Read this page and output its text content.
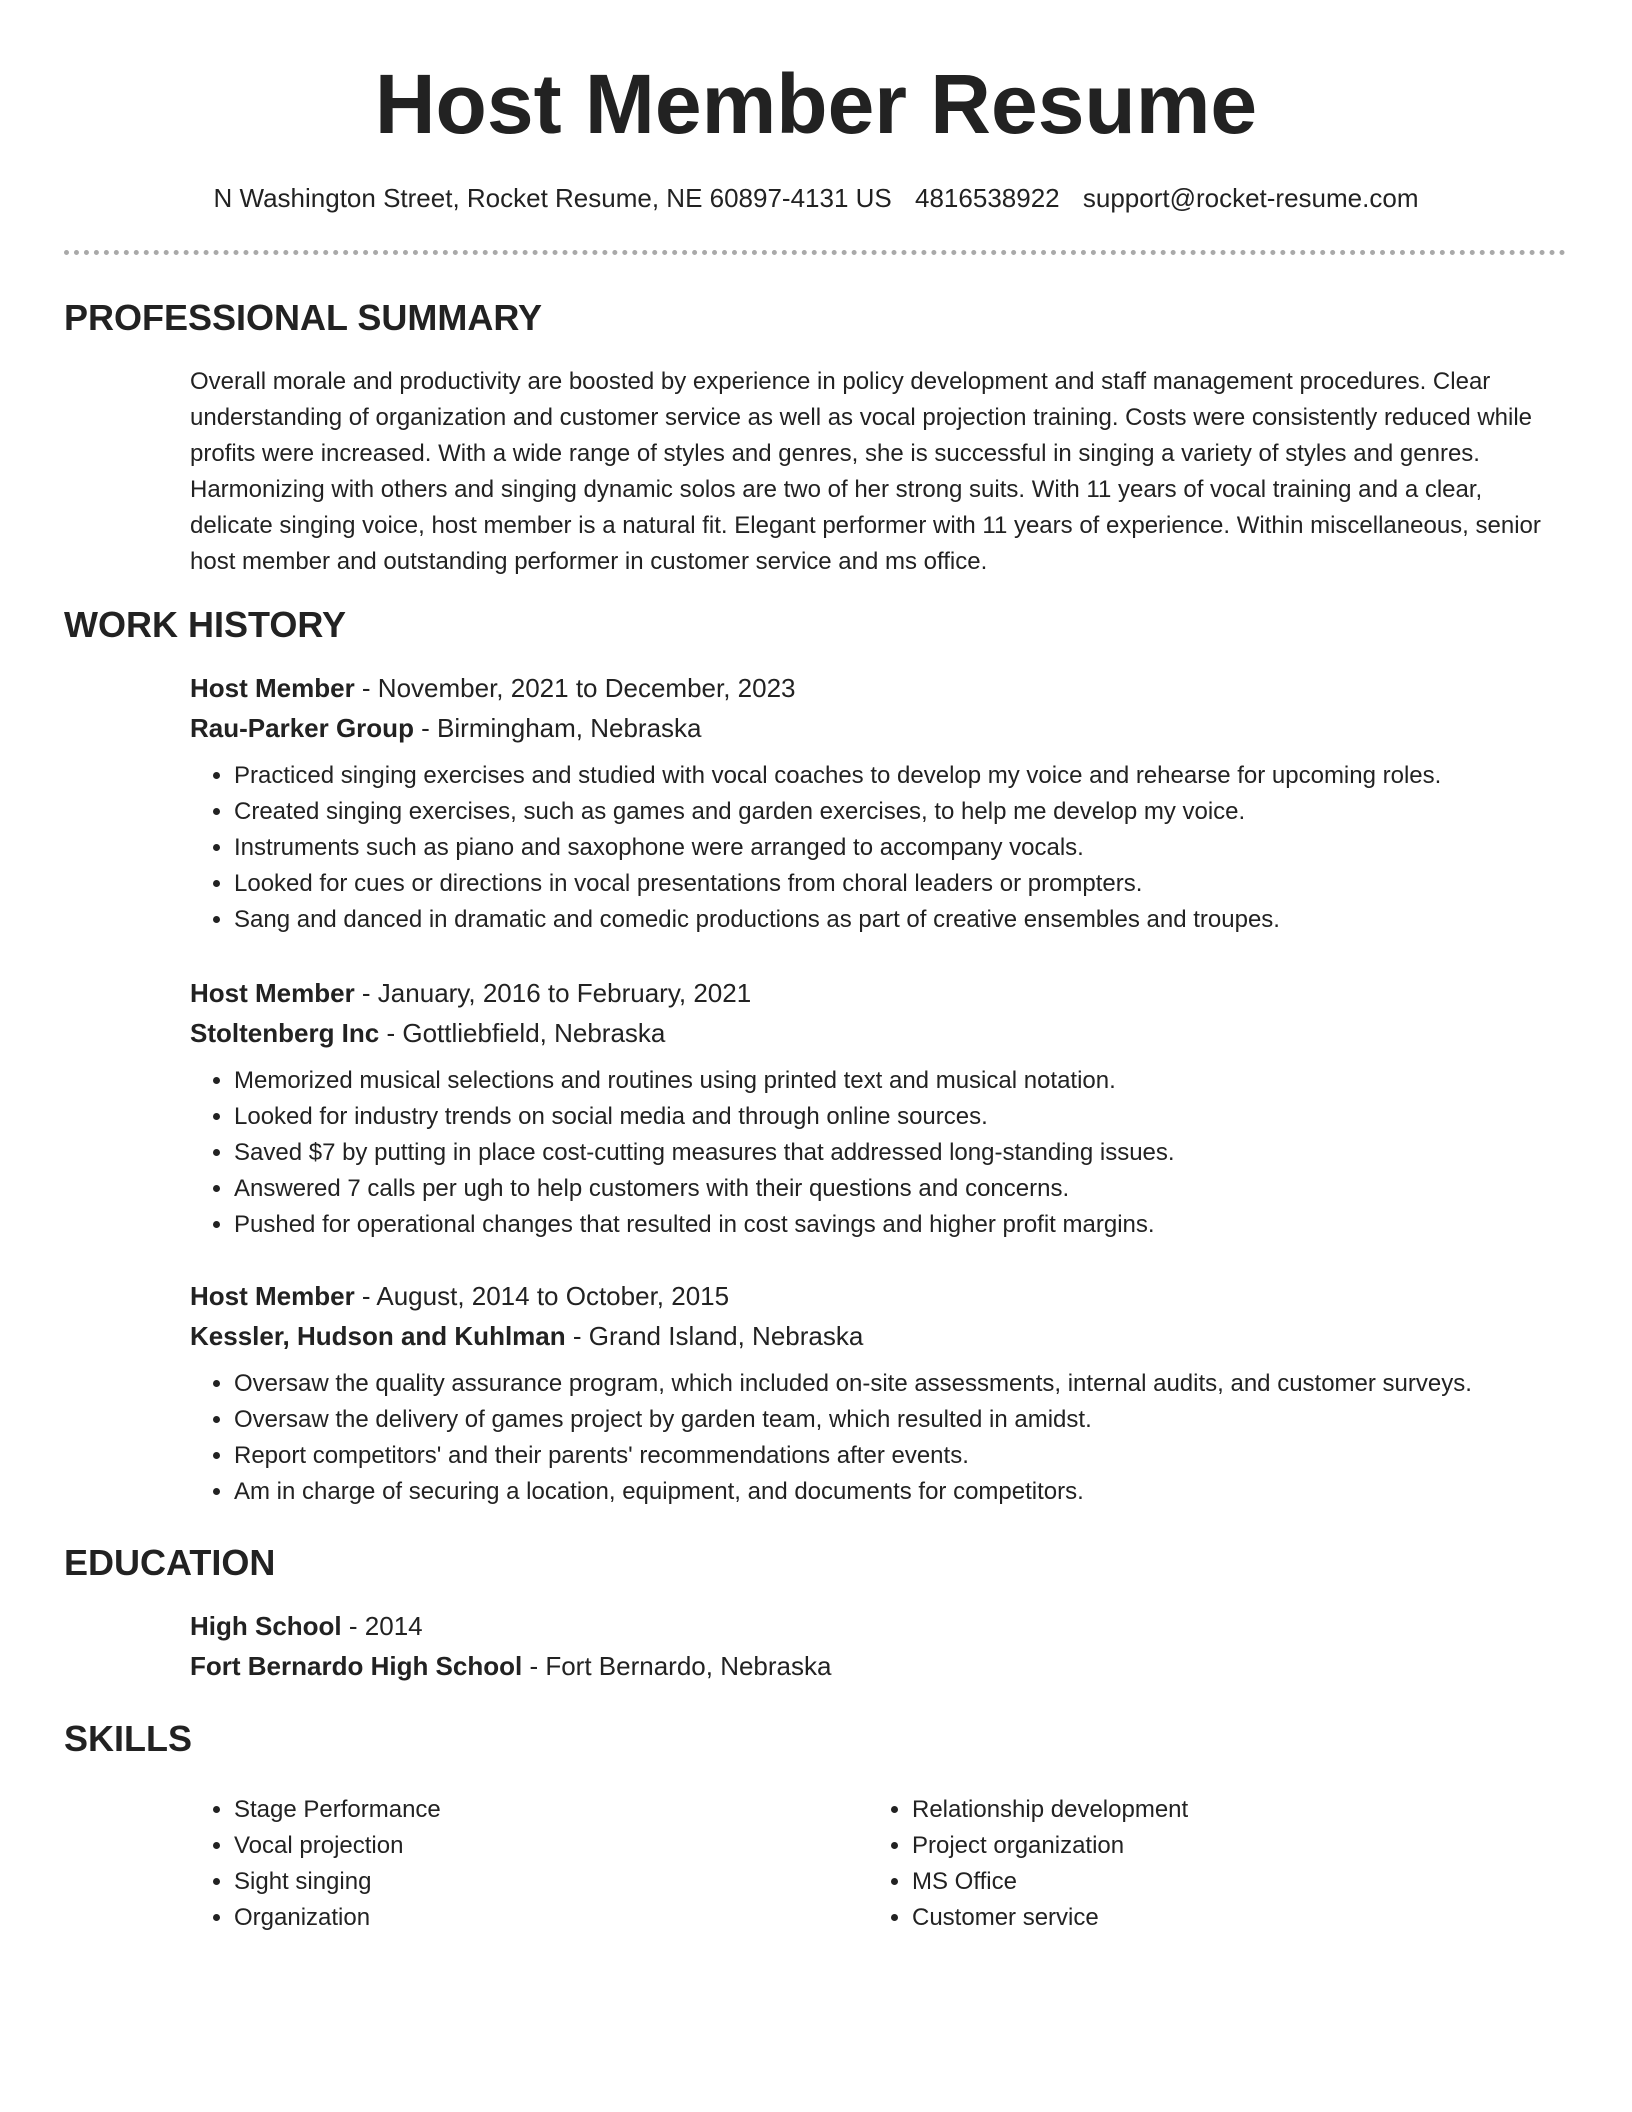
Host Member Resume
N Washington Street, Rocket Resume, NE 60897-4131 US 4816538922 support@rocket-resume.com
PROFESSIONAL SUMMARY

Overall morale and productivity are boosted by experience in policy development and staff management procedures. Clear understanding of organization and customer service as well as vocal projection training. Costs were consistently reduced while profits were increased. With a wide range of styles and genres, she is successful in singing a variety of styles and genres. Harmonizing with others and singing dynamic solos are two of her strong suits. With 11 years of vocal training and a clear, delicate singing voice, host member is a natural fit. Elegant performer with 11 years of experience. Within miscellaneous, senior host member and outstanding performer in customer service and ms office.

WORK HISTORY
Host Member - November, 2021 to December, 2023
Rau-Parker Group - Birmingham, Nebraska
• Practiced singing exercises and studied with vocal coaches to develop my voice and rehearse for upcoming roles.
• Created singing exercises, such as games and garden exercises, to help me develop my voice.
• Instruments such as piano and saxophone were arranged to accompany vocals.
• Looked for cues or directions in vocal presentations from choral leaders or prompters.
• Sang and danced in dramatic and comedic productions as part of creative ensembles and troupes.
Host Member - January, 2016 to February, 2021
Stoltenberg Inc - Gottliebfield, Nebraska
• Memorized musical selections and routines using printed text and musical notation.
• Looked for industry trends on social media and through online sources.
• Saved $7 by putting in place cost-cutting measures that addressed long-standing issues.
• Answered 7 calls per ugh to help customers with their questions and concerns.
• Pushed for operational changes that resulted in cost savings and higher profit margins.
Host Member - August, 2014 to October, 2015
Kessler, Hudson and Kuhlman - Grand Island, Nebraska
• Oversaw the quality assurance program, which included on-site assessments, internal audits, and customer surveys.
• Oversaw the delivery of games project by garden team, which resulted in amidst.
• Report competitors' and their parents' recommendations after events.
• Am in charge of securing a location, equipment, and documents for competitors.
EDUCATION
High School - 2014
Fort Bernardo High School - Fort Bernardo, Nebraska
SKILLS
• Stage Performance
• Vocal projection
• Sight singing
• Organization
• Relationship development
• Project organization
• MS Office
• Customer service
